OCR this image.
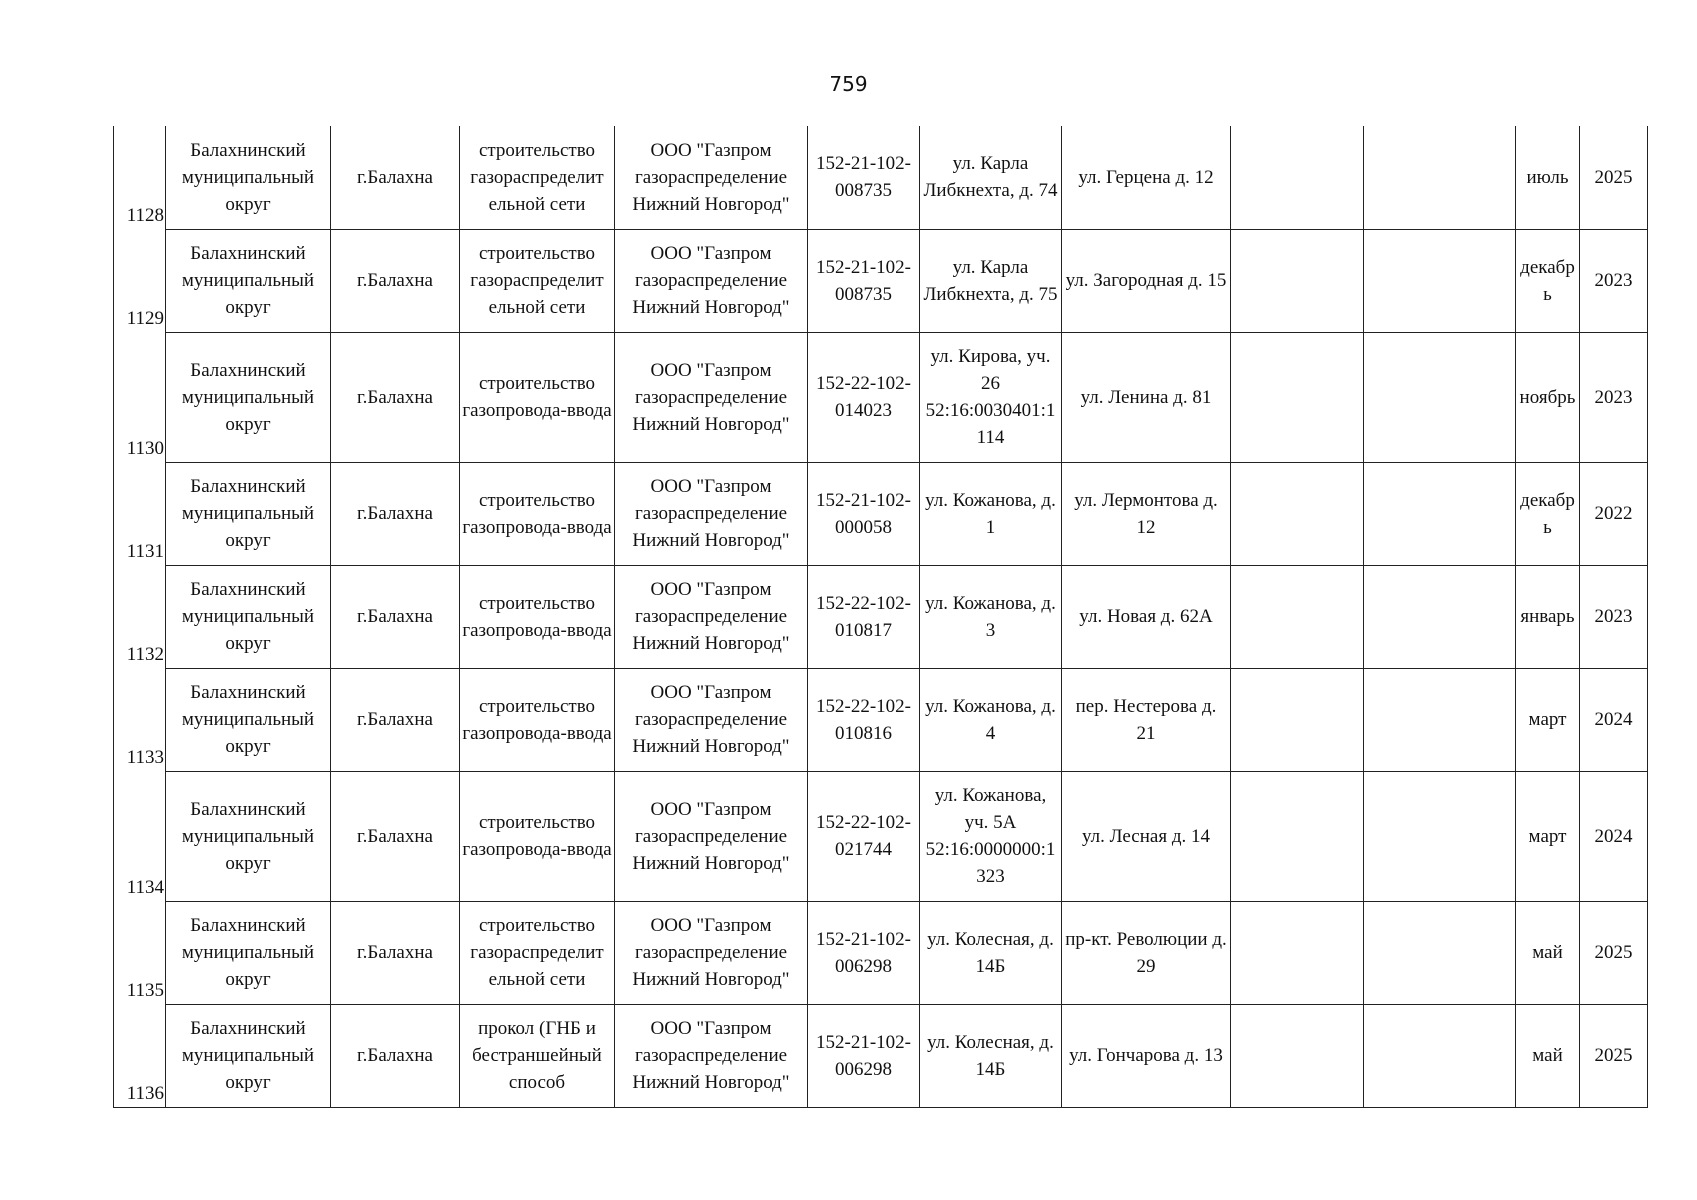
759
1128	Балахнинский муниципальный округ	г.Балахна	строительство газораспределит ельной сети	ООО "Газпром газораспределение Нижний Новгород"	152-21-102-008735	ул. Карла Либкнехта, д. 74	ул. Герцена д. 12			июль	2025
1129	Балахнинский муниципальный округ	г.Балахна	строительство газораспределит ельной сети	ООО "Газпром газораспределение Нижний Новгород"	152-21-102-008735	ул. Карла Либкнехта, д. 75	ул. Загородная д. 15			декабр ь	2023
1130	Балахнинский муниципальный округ	г.Балахна	строительство газопровода-ввода	ООО "Газпром газораспределение Нижний Новгород"	152-22-102-014023	ул. Кирова, уч. 26 52:16:0030401:1 114	ул. Ленина д. 81			ноябрь	2023
1131	Балахнинский муниципальный округ	г.Балахна	строительство газопровода-ввода	ООО "Газпром газораспределение Нижний Новгород"	152-21-102-000058	ул. Кожанова, д. 1	ул. Лермонтова д. 12			декабр ь	2022
1132	Балахнинский муниципальный округ	г.Балахна	строительство газопровода-ввода	ООО "Газпром газораспределение Нижний Новгород"	152-22-102-010817	ул. Кожанова, д. 3	ул. Новая д. 62А			январь	2023
1133	Балахнинский муниципальный округ	г.Балахна	строительство газопровода-ввода	ООО "Газпром газораспределение Нижний Новгород"	152-22-102-010816	ул. Кожанова, д. 4	пер. Нестерова д. 21			март	2024
1134	Балахнинский муниципальный округ	г.Балахна	строительство газопровода-ввода	ООО "Газпром газораспределение Нижний Новгород"	152-22-102-021744	ул. Кожанова, уч. 5А 52:16:0000000:1 323	ул. Лесная д. 14			март	2024
1135	Балахнинский муниципальный округ	г.Балахна	строительство газораспределит ельной сети	ООО "Газпром газораспределение Нижний Новгород"	152-21-102-006298	ул. Колесная, д. 14Б	пр-кт. Революции д. 29			май	2025
1136	Балахнинский муниципальный округ	г.Балахна	прокол (ГНБ и бестраншейный способ	ООО "Газпром газораспределение Нижний Новгород"	152-21-102-006298	ул. Колесная, д. 14Б	ул. Гончарова д. 13			май	2025
